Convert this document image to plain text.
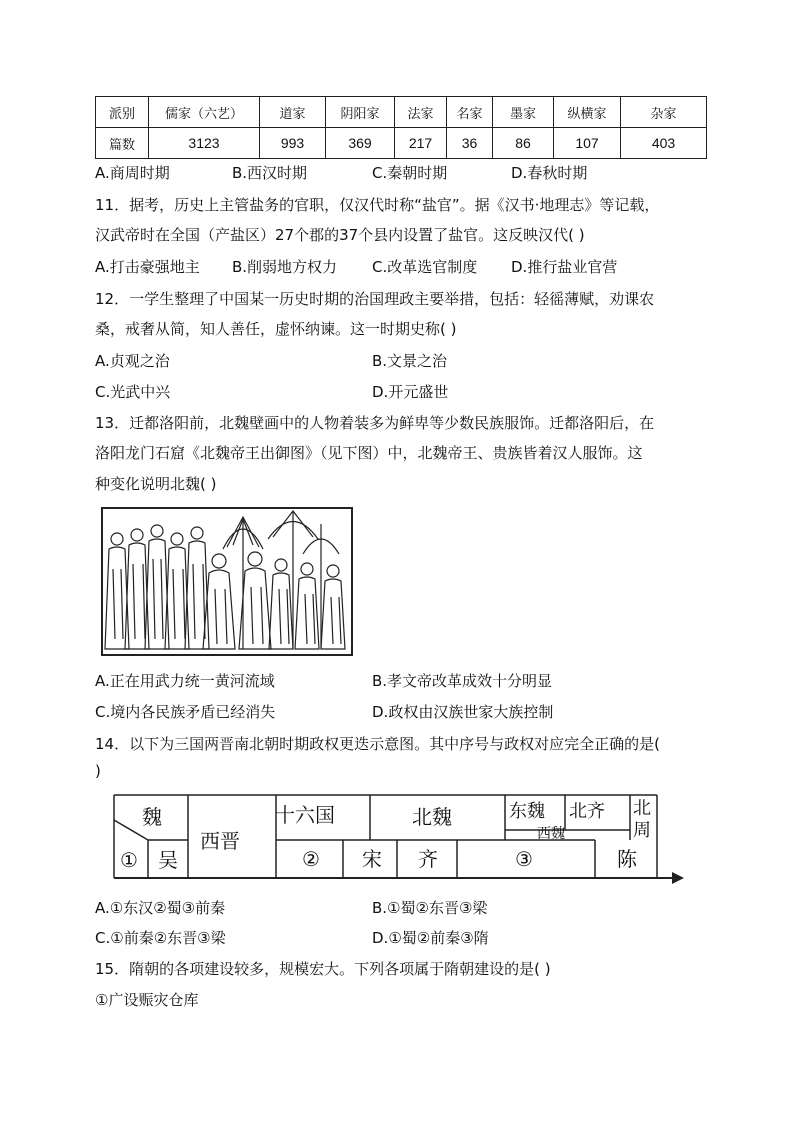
派别	儒家（六艺）	道家	阴阳家	法家	名家	墨家	纵横家	杂家
篇数	3123	993	369	217	36	86	107	403
A.商周时期	B.西汉时期	C.秦朝时期	D.春秋时期
11．据考，历史上主管盐务的官职，仅汉代时称“盐官”。据《汉书·地理志》等记载，
汉武帝时在全国（产盐区）27个郡的37个县内设置了盐官。这反映汉代( )
A.打击豪强地主 B.削弱地方权力 C.改革选官制度 D.推行盐业官营
12．一学生整理了中国某一历史时期的治国理政主要举措，包括：轻徭薄赋，劝课农
桑，戒奢从简，知人善任，虚怀纳谏。这一时期史称( )
A.贞观之治	B.文景之治
C.光武中兴	D.开元盛世
13．迁都洛阳前，北魏壁画中的人物着装多为鲜卑等少数民族服饰。迁都洛阳后，在
洛阳龙门石窟《北魏帝王出御图》（见下图）中，北魏帝王、贵族皆着汉人服饰。这
种变化说明北魏( )
A.正在用武力统一黄河流域	B.孝文帝改革成效十分明显
C.境内各民族矛盾已经消失	D.政权由汉族世家大族控制
14．以下为三国两晋南北朝时期政权更迭示意图。其中序号与政权对应完全正确的是(
)
魏
① 吴
西晋
十六国
②
北魏
宋 齐	③
东魏 北齐
西魏
北
周
陈
A.①东汉②蜀③前秦	B.①蜀②东晋③梁
C.①前秦②东晋③梁	D.①蜀②前秦③隋
15．隋朝的各项建设较多，规模宏大。下列各项属于隋朝建设的是( )
①广设赈灾仓库
